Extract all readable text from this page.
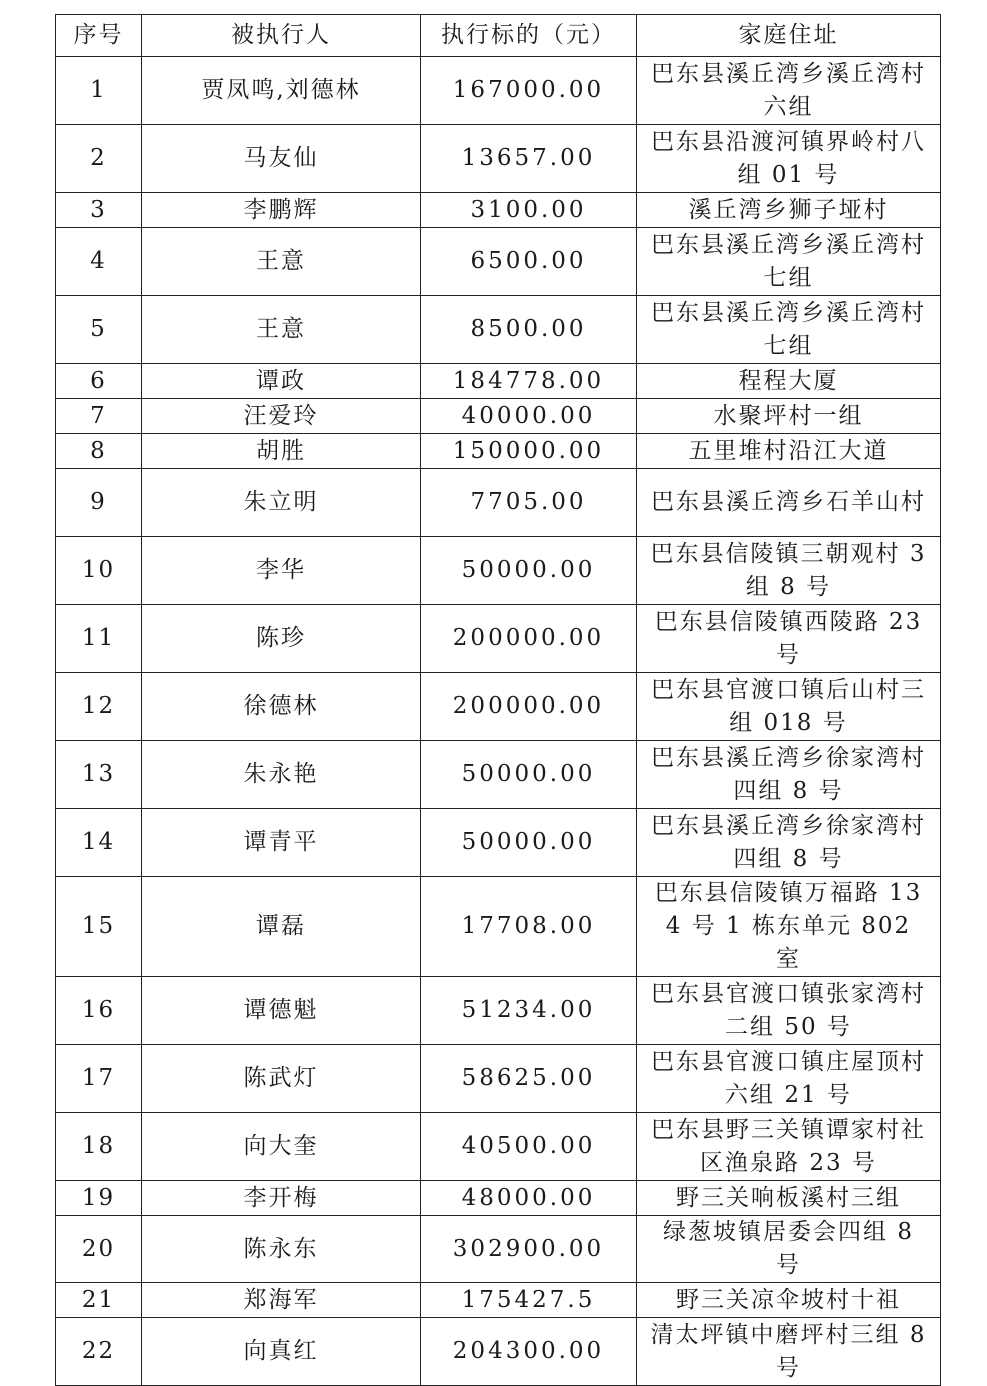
序号	被执行人	执行标的（元）	家庭住址
1	贾凤鸣,刘德林	167000.00	巴东县溪丘湾乡溪丘湾村六组
2	马友仙	13657.00	巴东县沿渡河镇界岭村八组 01 号
3	李鹏辉	3100.00	溪丘湾乡狮子垭村
4	王意	6500.00	巴东县溪丘湾乡溪丘湾村七组
5	王意	8500.00	巴东县溪丘湾乡溪丘湾村七组
6	谭政	184778.00	程程大厦
7	汪爱玲	40000.00	水聚坪村一组
8	胡胜	150000.00	五里堆村沿江大道
9	朱立明	7705.00	巴东县溪丘湾乡石羊山村
10	李华	50000.00	巴东县信陵镇三朝观村 3 组 8 号
11	陈珍	200000.00	巴东县信陵镇西陵路 23 号
12	徐德林	200000.00	巴东县官渡口镇后山村三组 018 号
13	朱永艳	50000.00	巴东县溪丘湾乡徐家湾村四组 8 号
14	谭青平	50000.00	巴东县溪丘湾乡徐家湾村四组 8 号
15	谭磊	17708.00	巴东县信陵镇万福路 134 号 1 栋东单元 802 室
16	谭德魁	51234.00	巴东县官渡口镇张家湾村二组 50 号
17	陈武灯	58625.00	巴东县官渡口镇庄屋顶村六组 21 号
18	向大奎	40500.00	巴东县野三关镇谭家村社区渔泉路 23 号
19	李开梅	48000.00	野三关响板溪村三组
20	陈永东	302900.00	绿葱坡镇居委会四组 8 号
21	郑海军	175427.5	野三关凉伞坡村十祖
22	向真红	204300.00	清太坪镇中磨坪村三组 8 号
